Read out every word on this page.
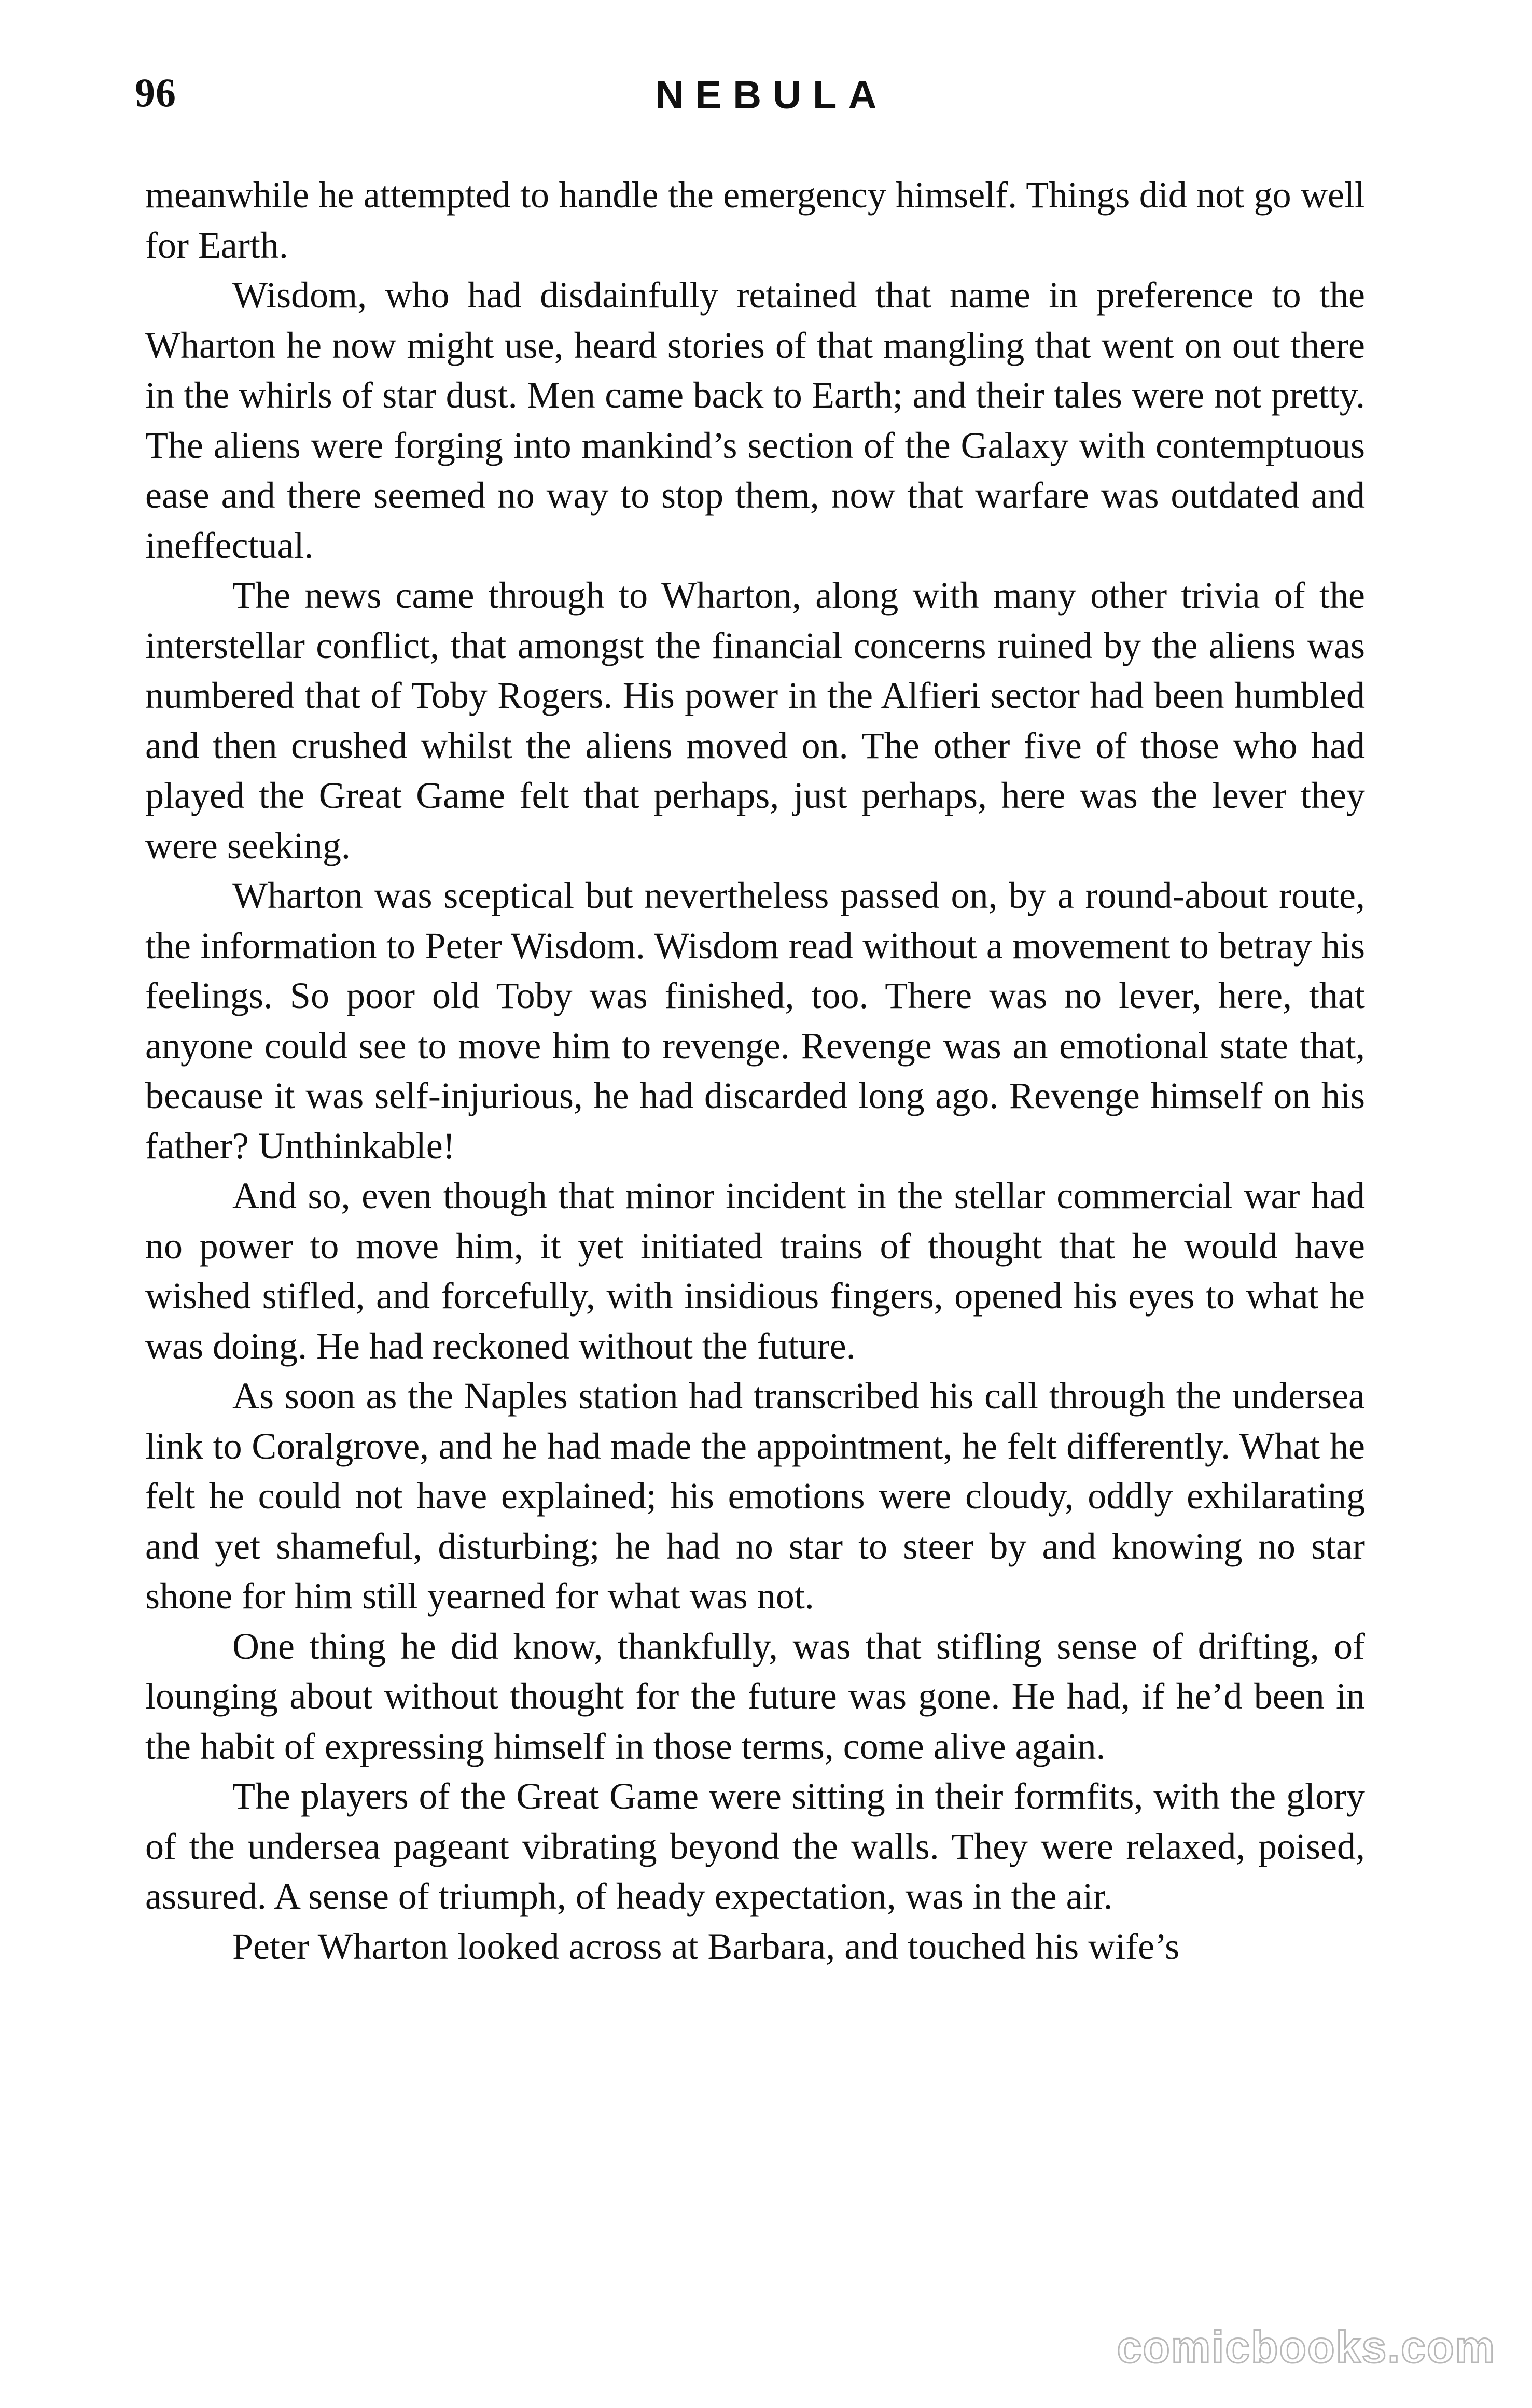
96	NEBULA

meanwhile he attempted to handle the emergency himself. Things did not go well for Earth.

Wisdom, who had disdainfully retained that name in preference to the Wharton he now might use, heard stories of that mangling that went on out there in the whirls of star dust. Men came back to Earth; and their tales were not pretty. The aliens were forging into mankind’s section of the Galaxy with contemptuous ease and there seemed no way to stop them, now that warfare was outdated and ineffectual.

The news came through to Wharton, along with many other trivia of the interstellar conflict, that amongst the financial concerns ruined by the aliens was numbered that of Toby Rogers. His power in the Alfieri sector had been humbled and then crushed whilst the aliens moved on. The other five of those who had played the Great Game felt that perhaps, just perhaps, here was the lever they were seeking.

Wharton was sceptical but nevertheless passed on, by a round-about route, the information to Peter Wisdom. Wisdom read without a movement to betray his feelings. So poor old Toby was finished, too. There was no lever, here, that anyone could see to move him to revenge. Revenge was an emotional state that, because it was self-injurious, he had discarded long ago. Revenge himself on his father? Unthinkable!

And so, even though that minor incident in the stellar commercial war had no power to move him, it yet initiated trains of thought that he would have wished stifled, and forcefully, with insidious fingers, opened his eyes to what he was doing. He had reckoned without the future.

As soon as the Naples station had transcribed his call through the undersea link to Coralgrove, and he had made the appointment, he felt differently. What he felt he could not have explained; his emotions were cloudy, oddly exhilarating and yet shameful, disturbing; he had no star to steer by and knowing no star shone for him still yearned for what was not.

One thing he did know, thankfully, was that stifling sense of drifting, of lounging about without thought for the future was gone. He had, if he’d been in the habit of expressing himself in those terms, come alive again.

The players of the Great Game were sitting in their formfits, with the glory of the undersea pageant vibrating beyond the walls. They were relaxed, poised, assured. A sense of triumph, of heady expectation, was in the air.

Peter Wharton looked across at Barbara, and touched his wife’s

comicbooks.com
